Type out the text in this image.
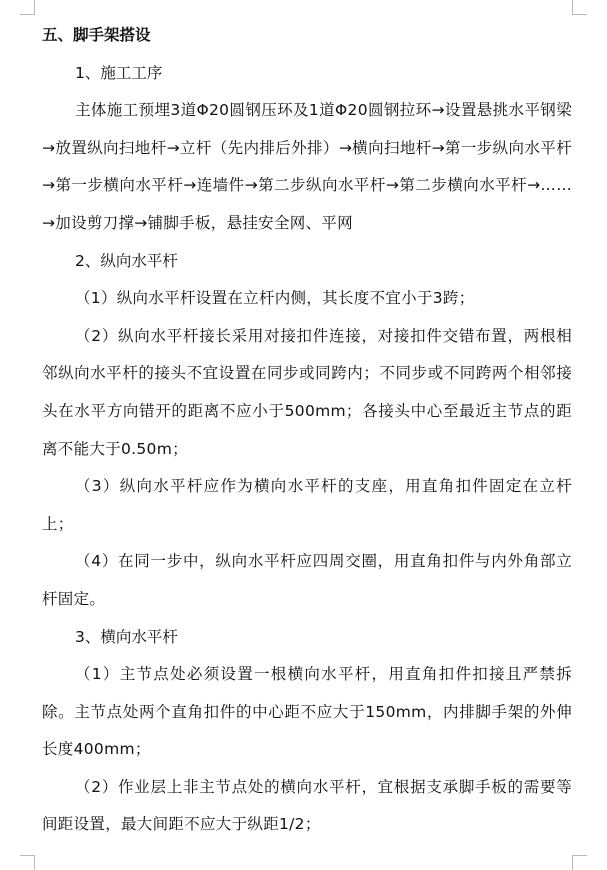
五、脚手架搭设

1、施工工序

主体施工预埋3道Φ20圆钢压环及1道Φ20圆钢拉环→设置悬挑水平钢梁→放置纵向扫地杆→立杆（先内排后外排）→横向扫地杆→第一步纵向水平杆→第一步横向水平杆→连墙件→第二步纵向水平杆→第二步横向水平杆→……→加设剪刀撑→铺脚手板，悬挂安全网、平网

2、纵向水平杆

（1）纵向水平杆设置在立杆内侧，其长度不宜小于3跨；

（2）纵向水平杆接长采用对接扣件连接，对接扣件交错布置，两根相邻纵向水平杆的接头不宜设置在同步或同跨内；不同步或不同跨两个相邻接头在水平方向错开的距离不应小于500mm；各接头中心至最近主节点的距离不能大于0.50m；

（3）纵向水平杆应作为横向水平杆的支座，用直角扣件固定在立杆上；

（4）在同一步中，纵向水平杆应四周交圈，用直角扣件与内外角部立杆固定。

3、横向水平杆

（1）主节点处必须设置一根横向水平杆，用直角扣件扣接且严禁拆除。主节点处两个直角扣件的中心距不应大于150mm，内排脚手架的外伸长度400mm；

（2）作业层上非主节点处的横向水平杆，宜根据支承脚手板的需要等间距设置，最大间距不应大于纵距1/2；
